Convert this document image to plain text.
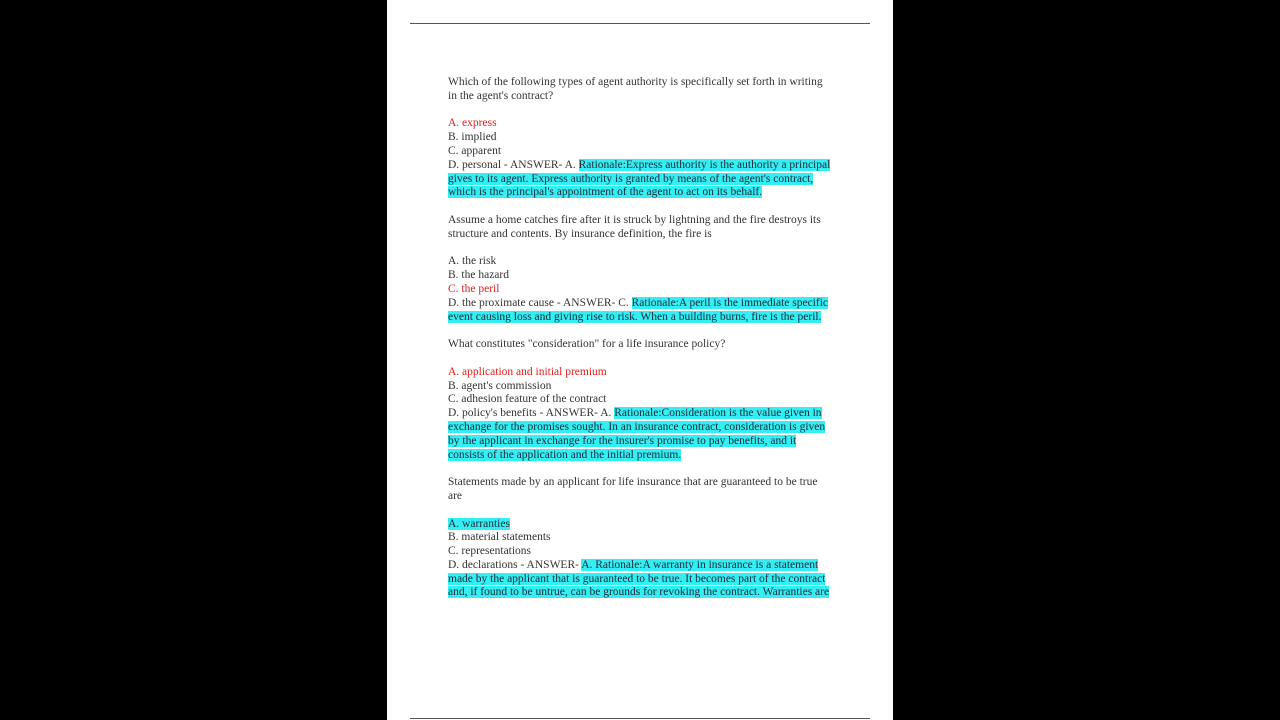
Which of the following types of agent authority is specifically set forth in writing
in the agent's contract?
A. express
B. implied
C. apparent
D. personal - ANSWER- A. Rationale:Express authority is the authority a principal
gives to its agent. Express authority is granted by means of the agent's contract,
which is the principal's appointment of the agent to act on its behalf.
Assume a home catches fire after it is struck by lightning and the fire destroys its
structure and contents. By insurance definition, the fire is
A. the risk
B. the hazard
C. the peril
D. the proximate cause - ANSWER- C. Rationale:A peril is the immediate specific
event causing loss and giving rise to risk. When a building burns, fire is the peril.
What constitutes "consideration" for a life insurance policy?
A. application and initial premium
B. agent's commission
C. adhesion feature of the contract
D. policy's benefits - ANSWER- A. Rationale:Consideration is the value given in
exchange for the promises sought. In an insurance contract, consideration is given
by the applicant in exchange for the insurer's promise to pay benefits, and it
consists of the application and the initial premium.
Statements made by an applicant for life insurance that are guaranteed to be true
are
A. warranties
B. material statements
C. representations
D. declarations - ANSWER- A. Rationale:A warranty in insurance is a statement
made by the applicant that is guaranteed to be true. It becomes part of the contract
and, if found to be untrue, can be grounds for revoking the contract. Warranties are
